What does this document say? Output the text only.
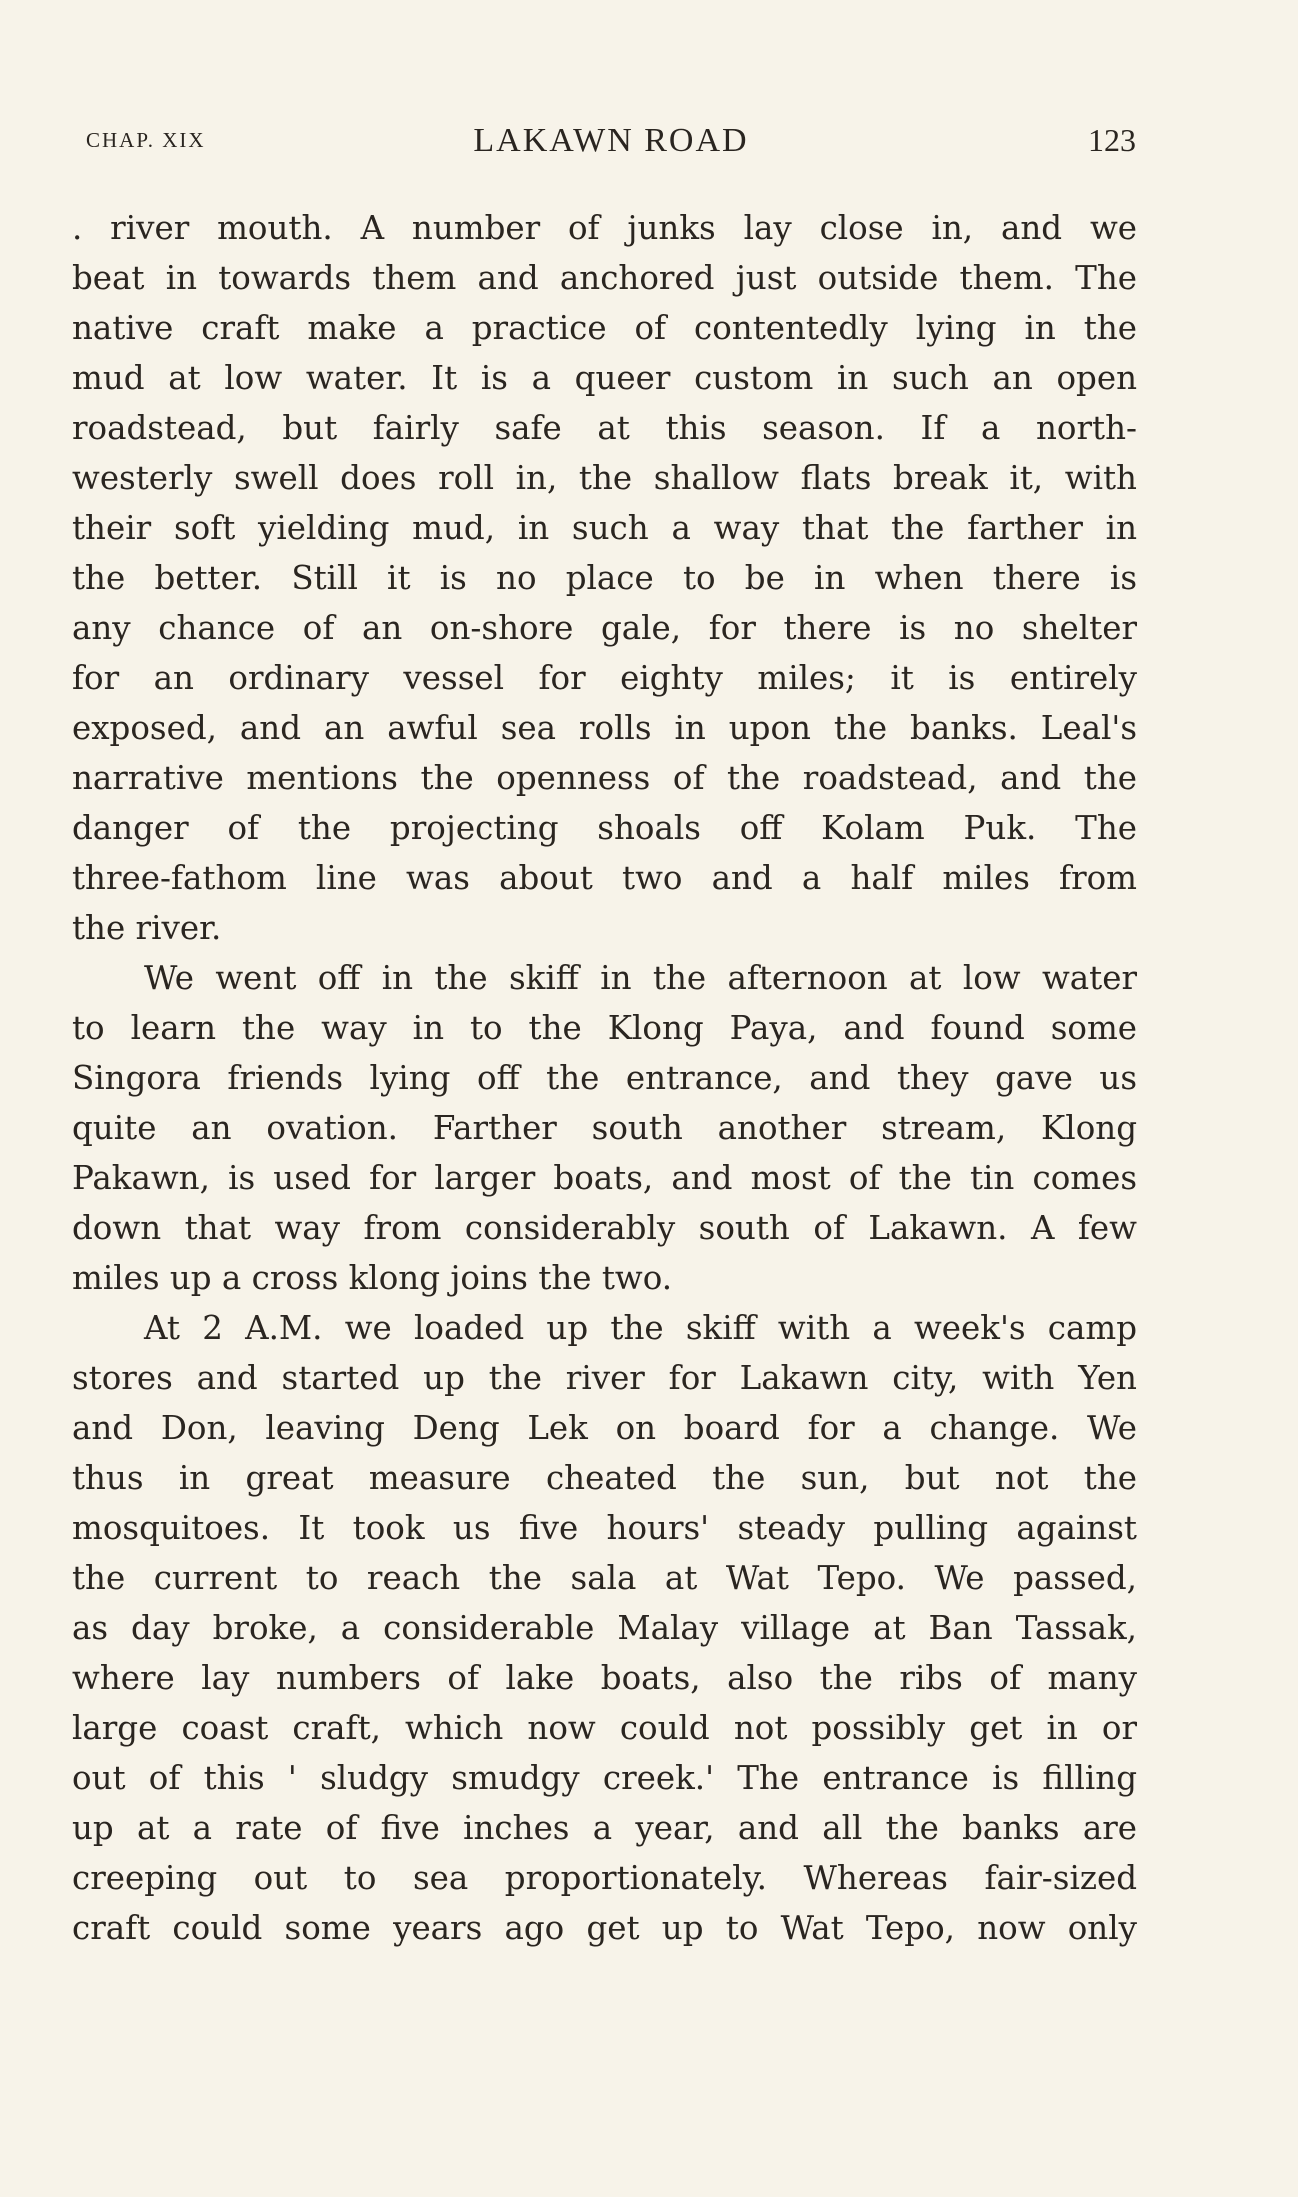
CHAP. XIX	LAKAWN ROAD	123
. river mouth. A number of junks lay close in, and we
beat in towards them and anchored just outside them. The
native craft make a practice of contentedly lying in the
mud at low water. It is a queer custom in such an open
roadstead, but fairly safe at this season. If a north-
westerly swell does roll in, the shallow flats break it, with
their soft yielding mud, in such a way that the farther in
the better. Still it is no place to be in when there is
any chance of an on-shore gale, for there is no shelter
for an ordinary vessel for eighty miles; it is entirely
exposed, and an awful sea rolls in upon the banks. Leal's
narrative mentions the openness of the roadstead, and the
danger of the projecting shoals off Kolam Puk. The
three-fathom line was about two and a half miles from
the river.
We went off in the skiff in the afternoon at low water
to learn the way in to the Klong Paya, and found some
Singora friends lying off the entrance, and they gave us
quite an ovation. Farther south another stream, Klong
Pakawn, is used for larger boats, and most of the tin comes
down that way from considerably south of Lakawn. A few
miles up a cross klong joins the two.
At 2 A.M. we loaded up the skiff with a week's camp
stores and started up the river for Lakawn city, with Yen
and Don, leaving Deng Lek on board for a change. We
thus in great measure cheated the sun, but not the
mosquitoes. It took us five hours' steady pulling against
the current to reach the sala at Wat Tepo. We passed,
as day broke, a considerable Malay village at Ban Tassak,
where lay numbers of lake boats, also the ribs of many
large coast craft, which now could not possibly get in or
out of this ' sludgy smudgy creek.' The entrance is filling
up at a rate of five inches a year, and all the banks are
creeping out to sea proportionately. Whereas fair-sized
craft could some years ago get up to Wat Tepo, now only
